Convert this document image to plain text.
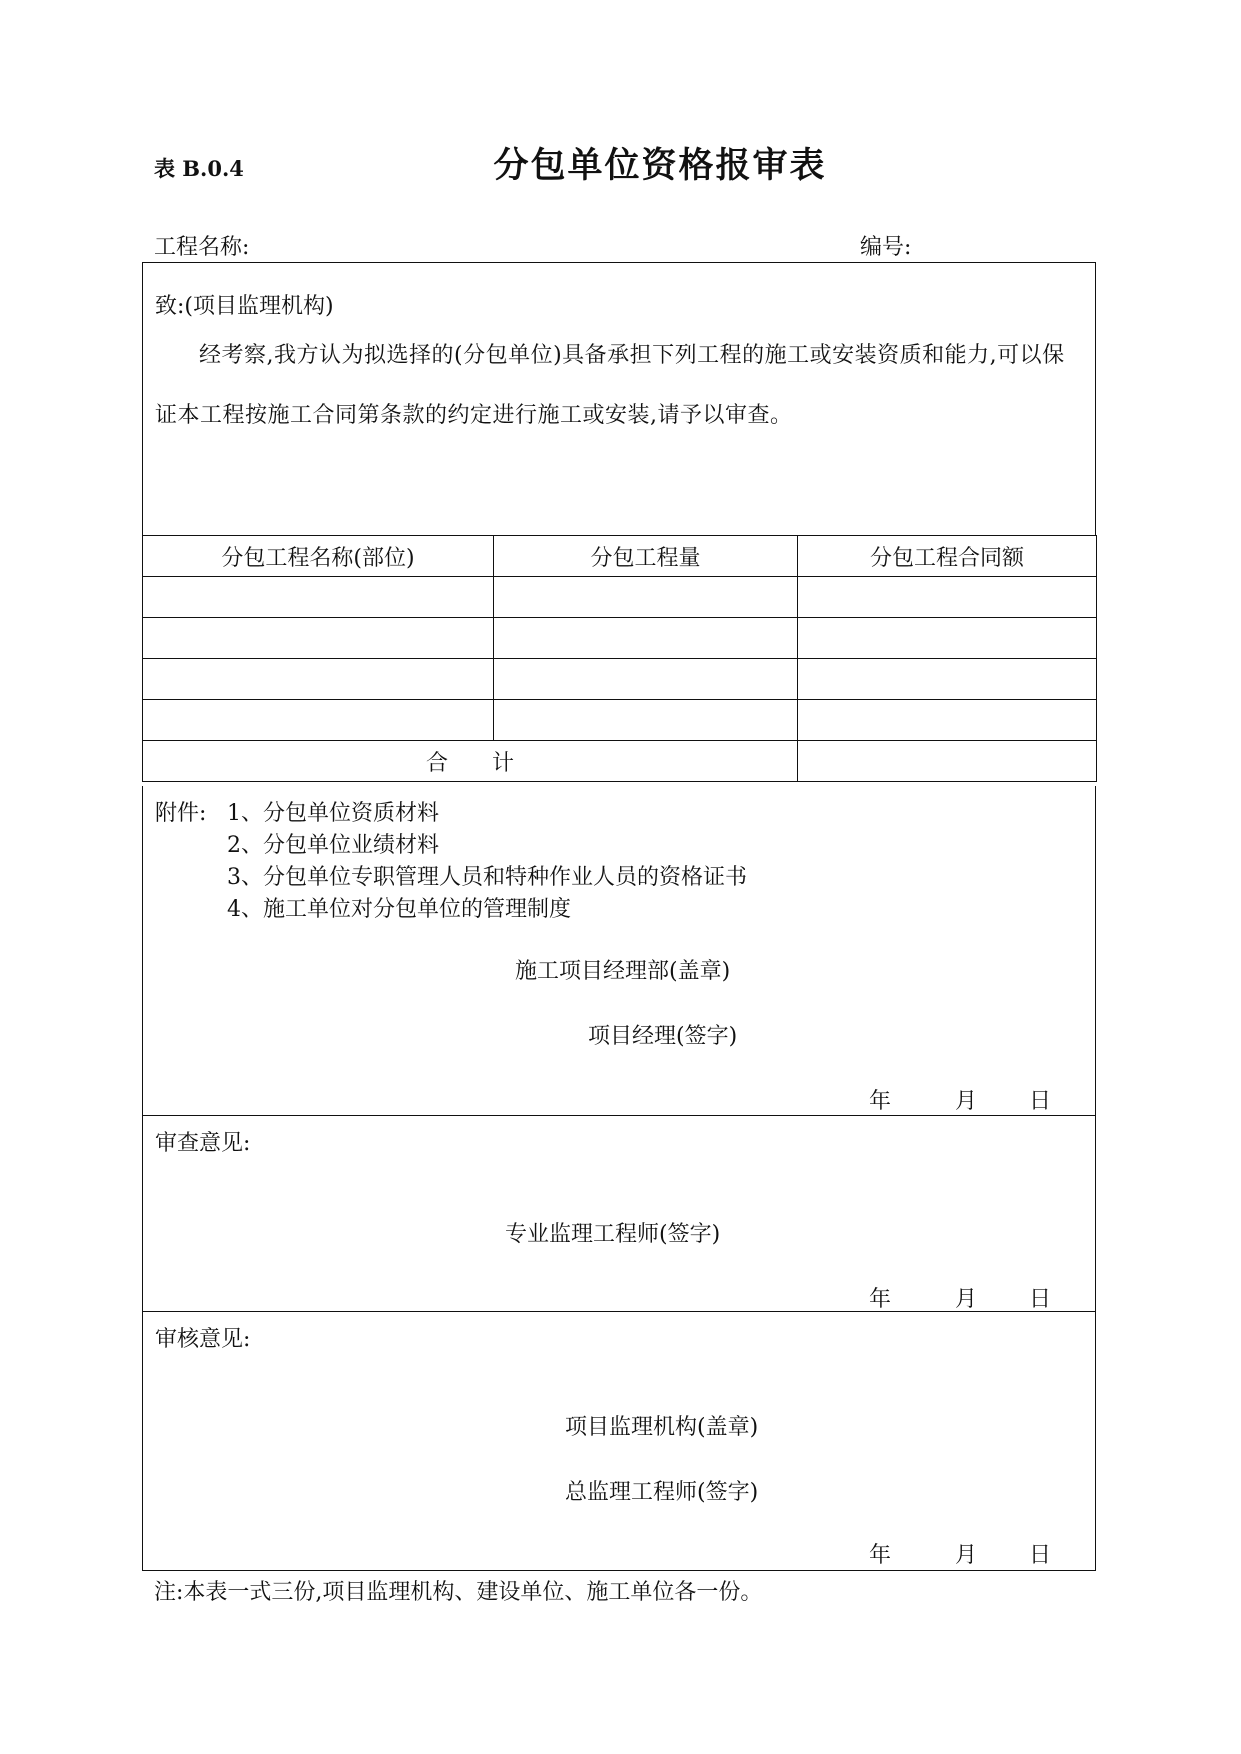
表 B.0.4	分包单位资格报审表
工程名称:	编号:
致:(项目监理机构)
经考察,我方认为拟选择的(分包单位)具备承担下列工程的施工或安装资质和能力,可以保证本工程按施工合同第条款的约定进行施工或安装,请予以审查。
分包工程名称(部位)	分包工程量	分包工程合同额

合　　计		
附件: 1、分包单位资质材料
2、分包单位业绩材料
3、分包单位专职管理人员和特种作业人员的资格证书
4、施工单位对分包单位的管理制度
施工项目经理部(盖章)
项目经理(签字)
年	月 日
审查意见:
专业监理工程师(签字)
年	月 日
审核意见:
项目监理机构(盖章)
总监理工程师(签字)
年	月 日
注:本表一式三份,项目监理机构、建设单位、施工单位各一份。
